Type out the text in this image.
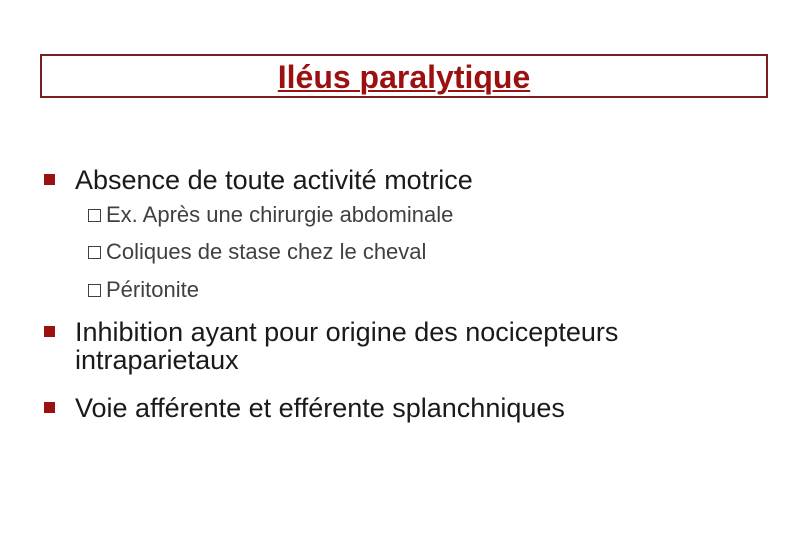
Iléus paralytique
Absence de toute activité motrice
Ex. Après une chirurgie abdominale
Coliques de stase chez le cheval
Péritonite
Inhibition ayant pour origine des nocicepteurs
intraparietaux
Voie afférente et efférente splanchniques
